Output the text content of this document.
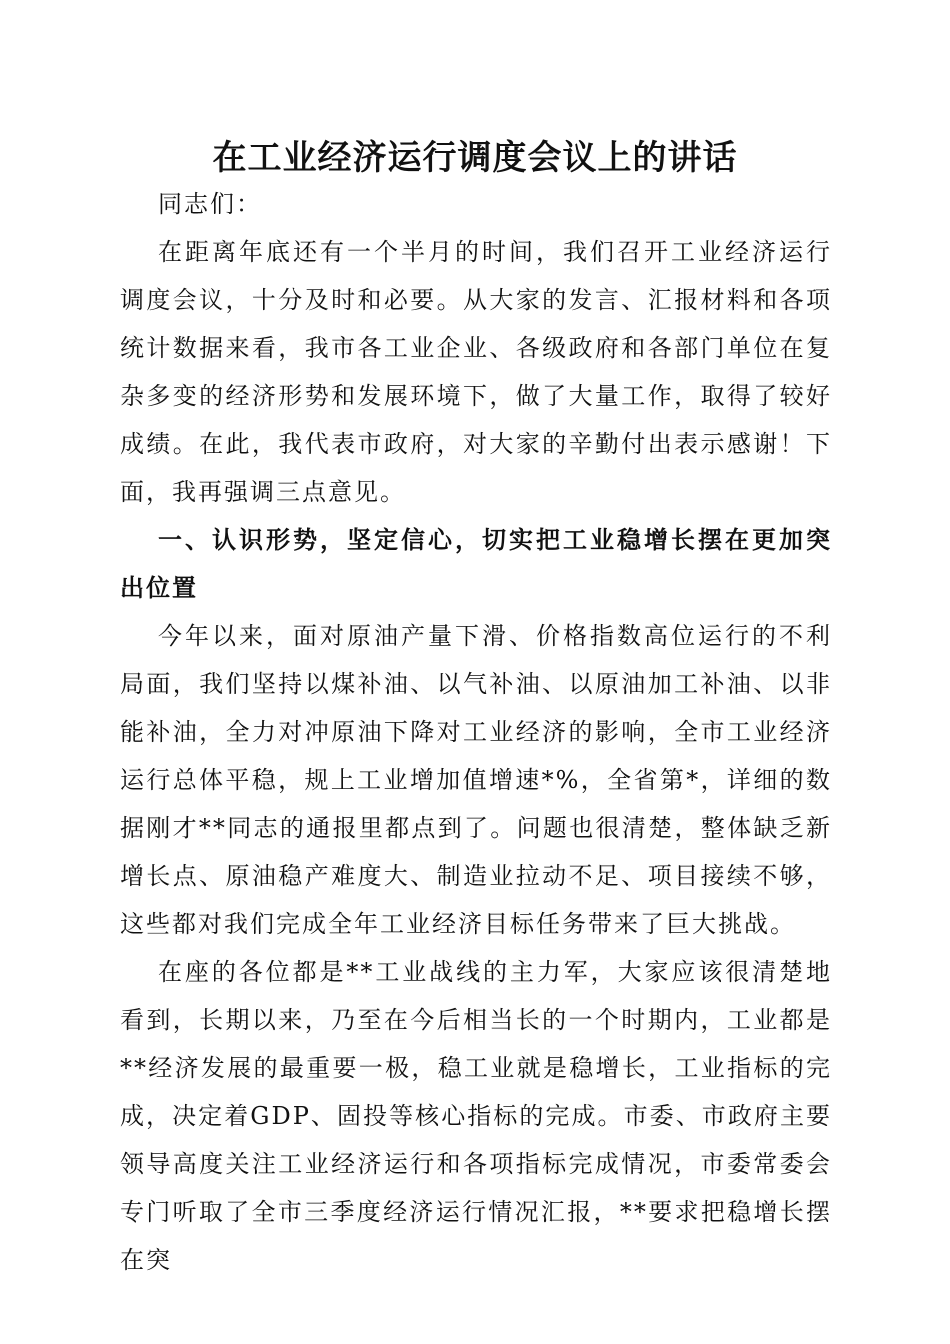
在工业经济运行调度会议上的讲话

同志们：

在距离年底还有一个半月的时间，我们召开工业经济运行调度会议，十分及时和必要。从大家的发言、汇报材料和各项统计数据来看，我市各工业企业、各级政府和各部门单位在复杂多变的经济形势和发展环境下，做了大量工作，取得了较好成绩。在此，我代表市政府，对大家的辛勤付出表示感谢！下面，我再强调三点意见。

一、认识形势，坚定信心，切实把工业稳增长摆在更加突出位置

今年以来，面对原油产量下滑、价格指数高位运行的不利局面，我们坚持以煤补油、以气补油、以原油加工补油、以非能补油，全力对冲原油下降对工业经济的影响，全市工业经济运行总体平稳，规上工业增加值增速*%，全省第*，详细的数据刚才**同志的通报里都点到了。问题也很清楚，整体缺乏新增长点、原油稳产难度大、制造业拉动不足、项目接续不够，这些都对我们完成全年工业经济目标任务带来了巨大挑战。

在座的各位都是**工业战线的主力军，大家应该很清楚地看到，长期以来，乃至在今后相当长的一个时期内，工业都是**经济发展的最重要一极，稳工业就是稳增长，工业指标的完成，决定着GDP、固投等核心指标的完成。市委、市政府主要领导高度关注工业经济运行和各项指标完成情况，市委常委会专门听取了全市三季度经济运行情况汇报，**要求把稳增长摆在突
